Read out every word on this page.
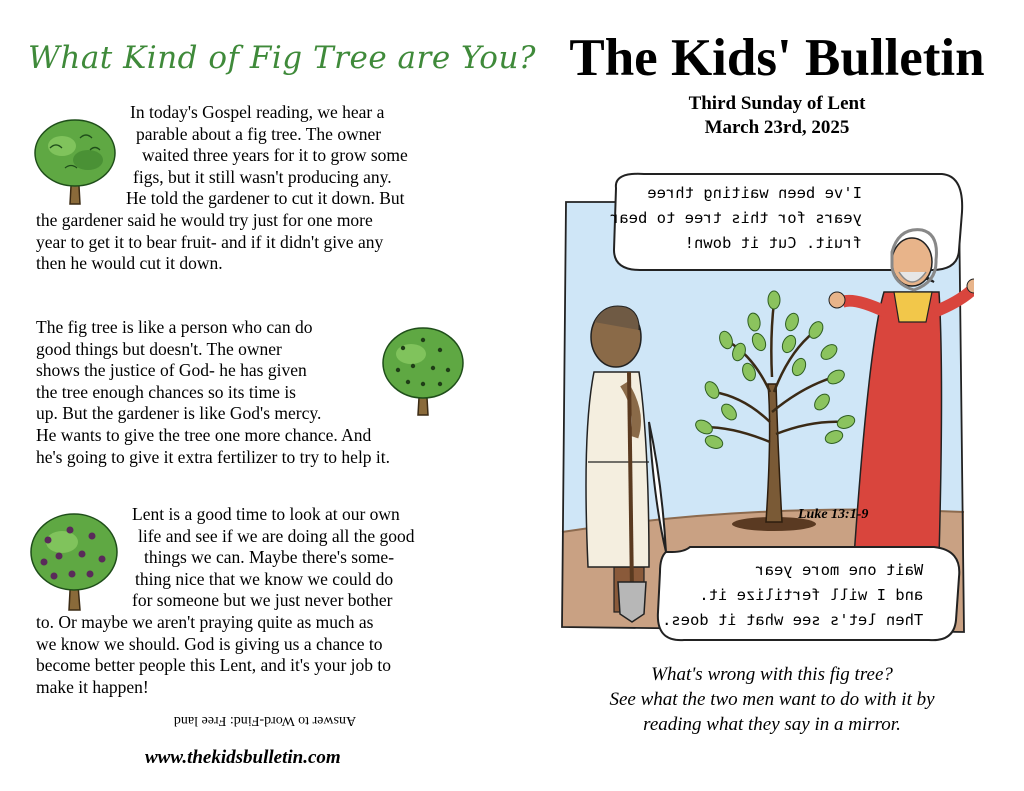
What Kind of Fig Tree are You?

In today's Gospel reading, we hear a
parable about a fig tree. The owner
waited three years for it to grow some
figs, but it still wasn't producing any.
He told the gardener to cut it down. But
the gardener said he would try just for one more
year to get it to bear fruit- and if it didn't give any
then he would cut it down.

The fig tree is like a person who can do
good things but doesn't. The owner
shows the justice of God- he has given
the tree enough chances so its time is
up. But the gardener is like God's mercy.
He wants to give the tree one more chance. And
he's going to give it extra fertilizer to try to help it.

Lent is a good time to look at our own
life and see if we are doing all the good
things we can. Maybe there's some-
thing nice that we know we could do
for someone but we just never bother
to. Or maybe we aren't praying quite as much as
we know we should. God is giving us a chance to
become better people this Lent, and it's your job to
make it happen!

Answer to Word-Find: Free land
www.thekidsbulletin.com
The Kids' Bulletin
Third Sunday of Lent
March 23rd, 2025
I've been waiting three
years for this tree to bear
fruit. Cut it down!
Luke 13:1-9
Wait one more year
and I will fertilize it.
Then let's see what it does.
What's wrong with this fig tree?
See what the two men want to do with it by
reading what they say in a mirror.
